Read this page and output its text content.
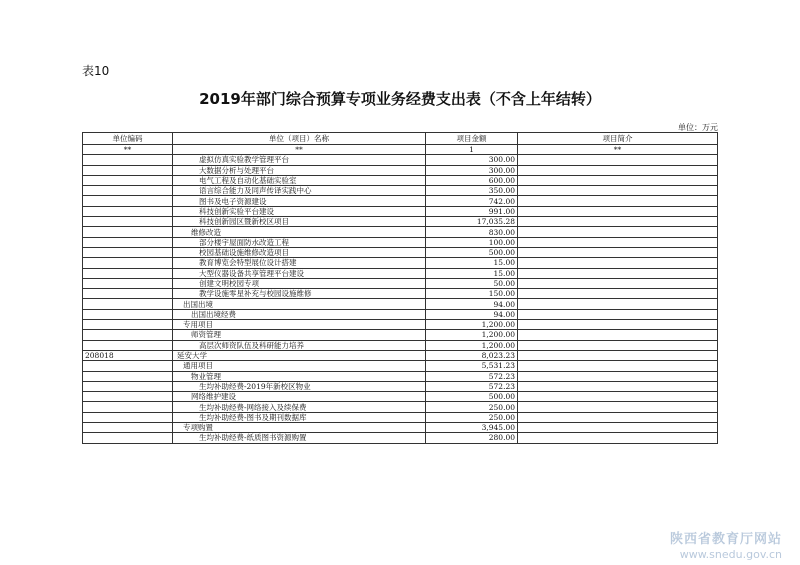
表10
2019年部门综合预算专项业务经费支出表（不含上年结转）
单位：万元
单位编码	单位（项目）名称	项目金额	项目简介
**	**	1	**
	虚拟仿真实验教学管理平台	300.00	
	大数据分析与处理平台	300.00	
	电气工程及自动化基础实验室	600.00	
	语言综合能力及同声传译实践中心	350.00	
	图书及电子资源建设	742.00	
	科技创新实验平台建设	991.00	
	科技创新园区暨新校区项目	17,035.28	
	维修改造	830.00	
	部分楼宇屋面防水改造工程	100.00	
	校园基础设施维修改造项目	500.00	
	教育博览会特型展位设计搭建	15.00	
	大型仪器设备共享管理平台建设	15.00	
	创建文明校园专项	50.00	
	教学设施零星补充与校园设施维修	150.00	
	出国出境	94.00	
	出国出境经费	94.00	
	专用项目	1,200.00	
	师资管理	1,200.00	
	高层次师资队伍及科研能力培养	1,200.00	
208018	延安大学	8,023.23	
	通用项目	5,531.23	
	物业管理	572.23	
	生均补助经费-2019年新校区物业	572.23	
	网络维护建设	500.00	
	生均补助经费-网络接入及续保费	250.00	
	生均补助经费-图书及期刊数据库	250.00	
	专项购置	3,945.00	
	生均补助经费-纸质图书资源购置	280.00	
陕西省教育厅网站
www.snedu.gov.cn
